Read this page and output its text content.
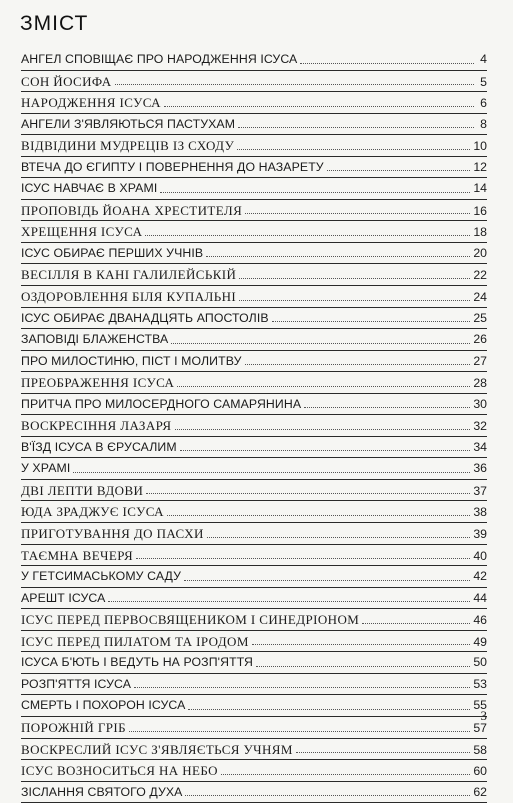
ЗМІСТ
АНГЕЛ СПОВІЩАЄ ПРО НАРОДЖЕННЯ ІСУСА	4
СОН ЙОСИФА	5
НАРОДЖЕННЯ ІСУСА	6
АНГЕЛИ З'ЯВЛЯЮТЬСЯ ПАСТУХАМ	8
ВІДВІДИНИ МУДРЕЦІВ ІЗ СХОДУ	10
ВТЕЧА ДО ЄГИПТУ І ПОВЕРНЕННЯ ДО НАЗАРЕТУ	12
ІСУС НАВЧАЄ В ХРАМІ	14
ПРОПОВІДЬ ЙОАНА ХРЕСТИТЕЛЯ	16
ХРЕЩЕННЯ ІСУСА	18
ІСУС ОБИРАЄ ПЕРШИХ УЧНІВ	20
ВЕСІЛЛЯ В КАНІ ГАЛИЛЕЙСЬКІЙ	22
ОЗДОРОВЛЕННЯ БІЛЯ КУПАЛЬНІ	24
ІСУС ОБИРАЄ ДВАНАДЦЯТЬ АПОСТОЛІВ	25
ЗАПОВІДІ БЛАЖЕНСТВА	26
ПРО МИЛОСТИНЮ, ПІСТ І МОЛИТВУ	27
ПРЕОБРАЖЕННЯ ІСУСА	28
ПРИТЧА ПРО МИЛОСЕРДНОГО САМАРЯНИНА	30
ВОСКРЕСІННЯ ЛАЗАРЯ	32
В'ЇЗД ІСУСА В ЄРУСАЛИМ	34
У ХРАМІ	36
ДВІ ЛЕПТИ ВДОВИ	37
ЮДА ЗРАДЖУЄ ІСУСА	38
ПРИГОТУВАННЯ ДО ПАСХИ	39
ТАЄМНА ВЕЧЕРЯ	40
У ГЕТСИМАСЬКОМУ САДУ	42
АРЕШТ ІСУСА	44
ІСУС ПЕРЕД ПЕРВОСВЯЩЕНИКОМ І СИНЕДРІОНОМ	46
ІСУС ПЕРЕД ПИЛАТОМ ТА ІРОДОМ	49
ІСУСА Б'ЮТЬ І ВЕДУТЬ НА РОЗП'ЯТТЯ	50
РОЗП'ЯТТЯ ІСУСА	53
СМЕРТЬ І ПОХОРОН ІСУСА	55
ПОРОЖНІЙ ГРІБ	57
ВОСКРЕСЛИЙ ІСУС З'ЯВЛЯЄТЬСЯ УЧНЯМ	58
ІСУС ВОЗНОСИТЬСЯ НА НЕБО	60
ЗІСЛАННЯ СВЯТОГО ДУХА	62
3
